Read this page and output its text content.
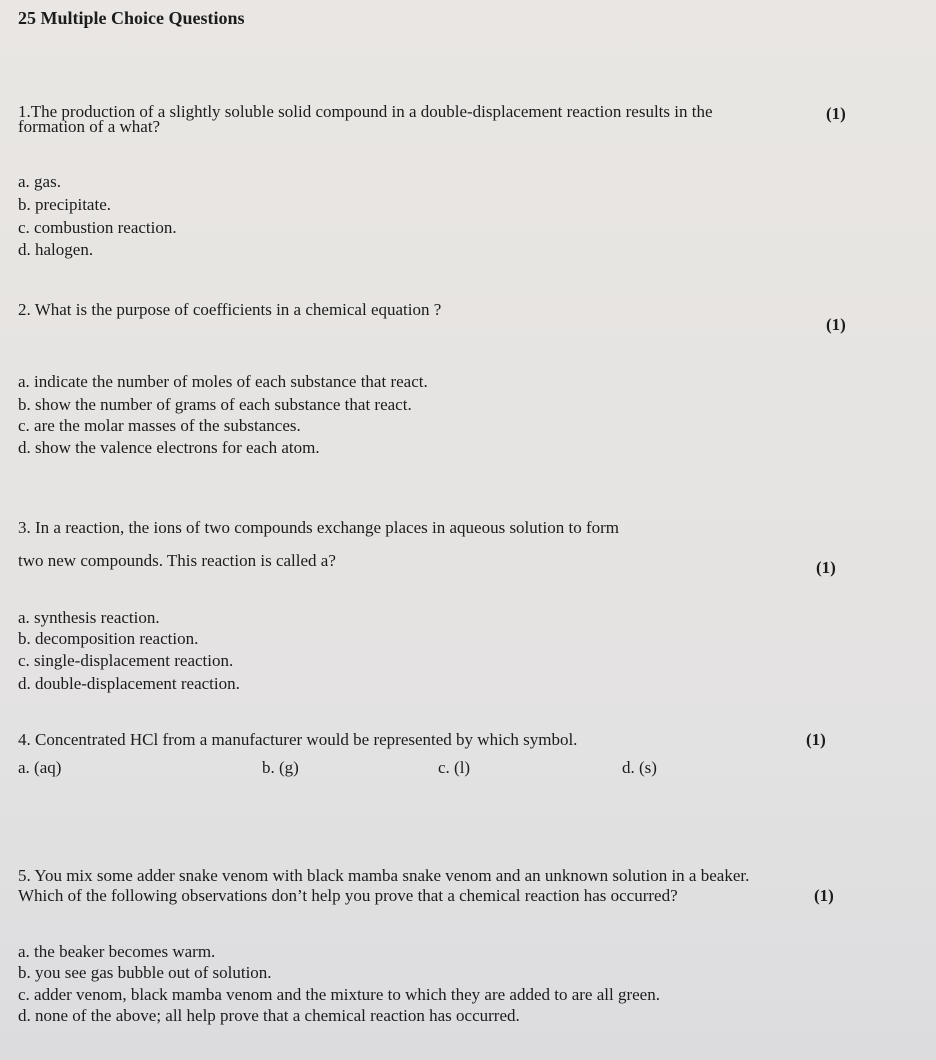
25 Multiple Choice Questions
1.The production of a slightly soluble solid compound in a double-displacement reaction results in the	(1)
formation of a what?
a. gas.
b. precipitate.
c. combustion reaction.
d. halogen.
2. What is the purpose of coefficients in a chemical equation ?
(1)
a. indicate the number of moles of each substance that react.
b. show the number of grams of each substance that react.
c. are the molar masses of the substances.
d. show the valence electrons for each atom.
3. In a reaction, the ions of two compounds exchange places in aqueous solution to form
two new compounds. This reaction is called a?	(1)
a. synthesis reaction.
b. decomposition reaction.
c. single-displacement reaction.
d. double-displacement reaction.
4. Concentrated HCl from a manufacturer would be represented by which symbol.	(1)
a. (aq)	b. (g)	c. (l)	d. (s)
5. You mix some adder snake venom with black mamba snake venom and an unknown solution in a beaker.
Which of the following observations don’t help you prove that a chemical reaction has occurred?	(1)
a. the beaker becomes warm.
b. you see gas bubble out of solution.
c. adder venom, black mamba venom and the mixture to which they are added to are all green.
d. none of the above; all help prove that a chemical reaction has occurred.
